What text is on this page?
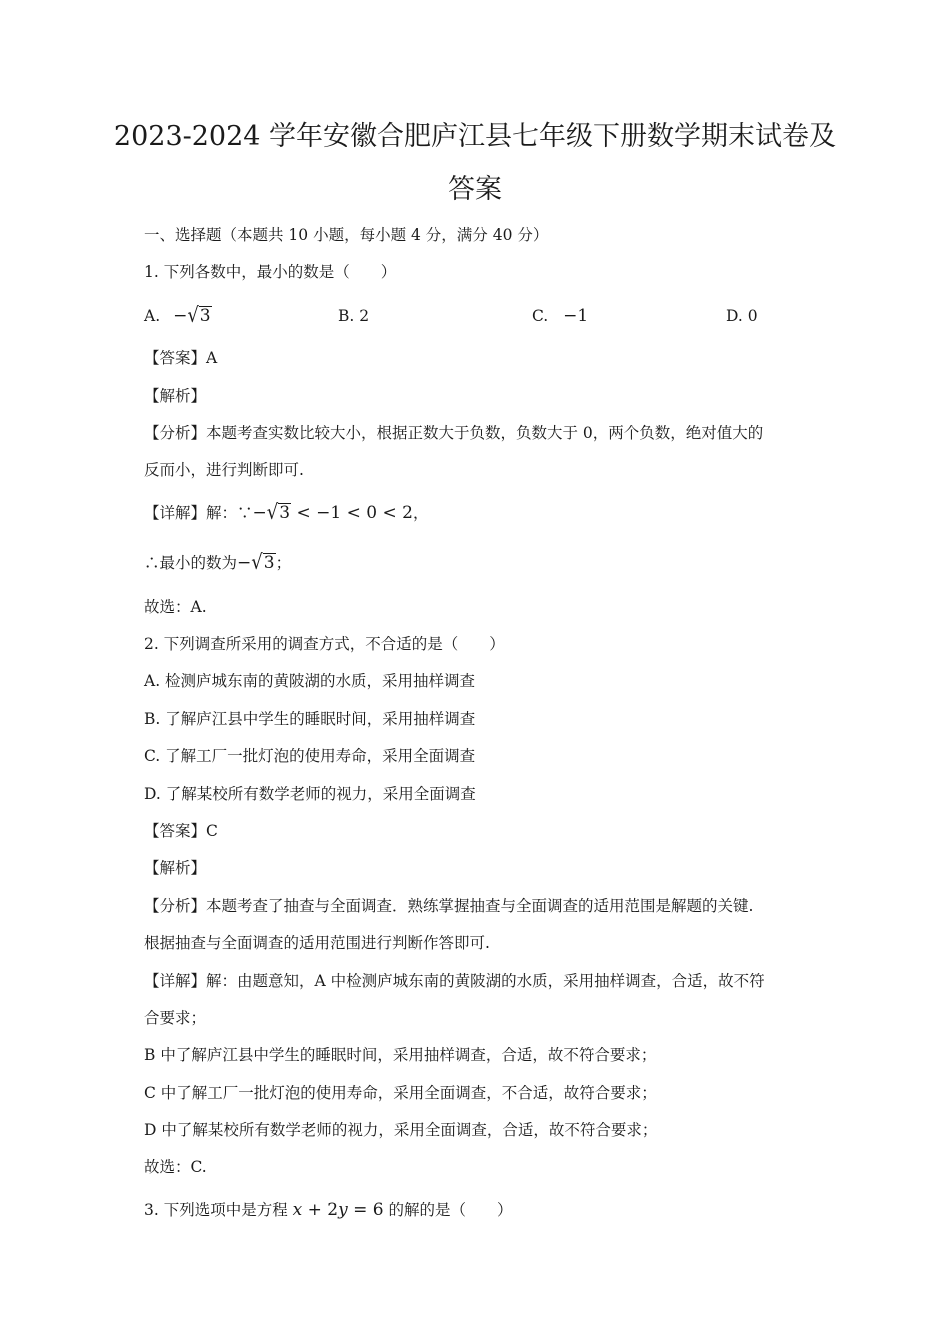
2023-2024 学年安徽合肥庐江县七年级下册数学期末试卷及
答案
一、选择题（本题共 10 小题，每小题 4 分，满分 40 分）
1. 下列各数中，最小的数是（　　）
A. −√3	B. 2	C. −1	D. 0
【答案】A
【解析】
【分析】本题考查实数比较大小，根据正数大于负数，负数大于 0，两个负数，绝对值大的
反而小，进行判断即可.
【详解】解：∵−√3 < −1 < 0 < 2，
∴最小的数为−√3；
故选：A.
2. 下列调查所采用的调查方式，不合适的是（　　）
A. 检测庐城东南的黄陂湖的水质，采用抽样调查
B. 了解庐江县中学生的睡眠时间，采用抽样调查
C. 了解工厂一批灯泡的使用寿命，采用全面调查
D. 了解某校所有数学老师的视力，采用全面调查
【答案】C
【解析】
【分析】本题考查了抽查与全面调查．熟练掌握抽查与全面调查的适用范围是解题的关键.
根据抽查与全面调查的适用范围进行判断作答即可.
【详解】解：由题意知，A 中检测庐城东南的黄陂湖的水质，采用抽样调查，合适，故不符
合要求；
B 中了解庐江县中学生的睡眠时间，采用抽样调查，合适，故不符合要求；
C 中了解工厂一批灯泡的使用寿命，采用全面调查，不合适，故符合要求；
D 中了解某校所有数学老师的视力，采用全面调查，合适，故不符合要求；
故选：C.
3. 下列选项中是方程 x + 2y = 6 的解的是（　　）
